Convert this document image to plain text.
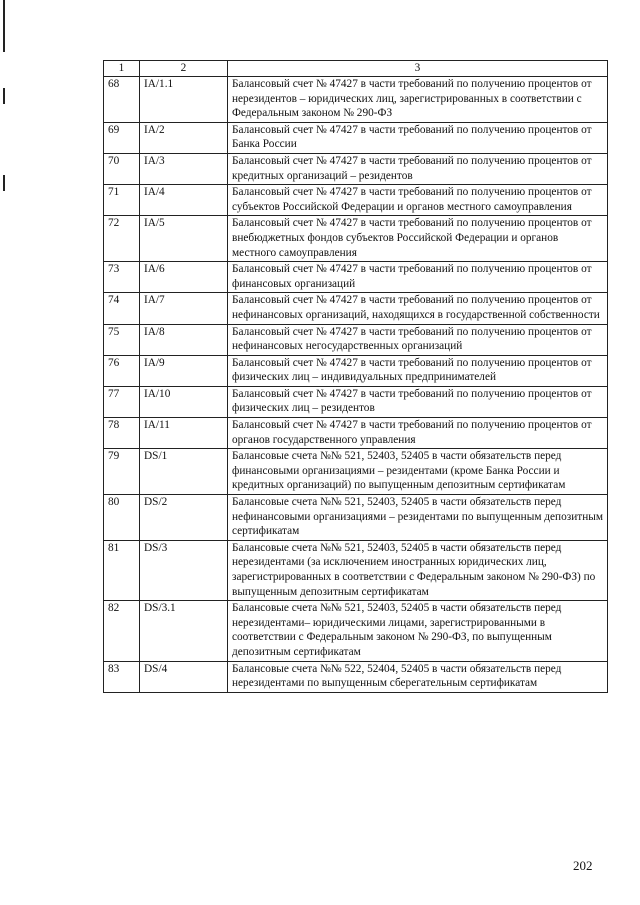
1	2	3
68	IA/1.1	Балансовый счет № 47427 в части требований по получению процентов от нерезидентов – юридических лиц, зарегистрированных в соответствии с Федеральным законом № 290-ФЗ
69	IA/2	Балансовый счет № 47427 в части требований по получению процентов от Банка России
70	IA/3	Балансовый счет № 47427 в части требований по получению процентов от кредитных организаций – резидентов
71	IA/4	Балансовый счет № 47427 в части требований по получению процентов от субъектов Российской Федерации и органов местного самоуправления
72	IA/5	Балансовый счет № 47427 в части требований по получению процентов от внебюджетных фондов субъектов Российской Федерации и органов местного самоуправления
73	IA/6	Балансовый счет № 47427 в части требований по получению процентов от финансовых организаций
74	IA/7	Балансовый счет № 47427 в части требований по получению процентов от нефинансовых организаций, находящихся в государственной собственности
75	IA/8	Балансовый счет № 47427 в части требований по получению процентов от нефинансовых негосударственных организаций
76	IA/9	Балансовый счет № 47427 в части требований по получению процентов от физических лиц – индивидуальных предпринимателей
77	IA/10	Балансовый счет № 47427 в части требований по получению процентов от физических лиц – резидентов
78	IA/11	Балансовый счет № 47427 в части требований по получению процентов от органов государственного управления
79	DS/1	Балансовые счета №№ 521, 52403, 52405 в части обязательств перед финансовыми организациями – резидентами (кроме Банка России и кредитных организаций) по выпущенным депозитным сертификатам
80	DS/2	Балансовые счета №№ 521, 52403, 52405 в части обязательств перед нефинансовыми организациями – резидентами по выпущенным депозитным сертификатам
81	DS/3	Балансовые счета №№ 521, 52403, 52405 в части обязательств перед нерезидентами (за исключением иностранных юридических лиц, зарегистрированных в соответствии с Федеральным законом № 290-ФЗ) по выпущенным депозитным сертификатам
82	DS/3.1	Балансовые счета №№ 521, 52403, 52405 в части обязательств перед нерезидентами– юридическими лицами, зарегистрированными в соответствии с Федеральным законом № 290-ФЗ, по выпущенным депозитным сертификатам
83	DS/4	Балансовые счета №№ 522, 52404, 52405 в части обязательств перед нерезидентами по выпущенным сберегательным сертификатам
202
